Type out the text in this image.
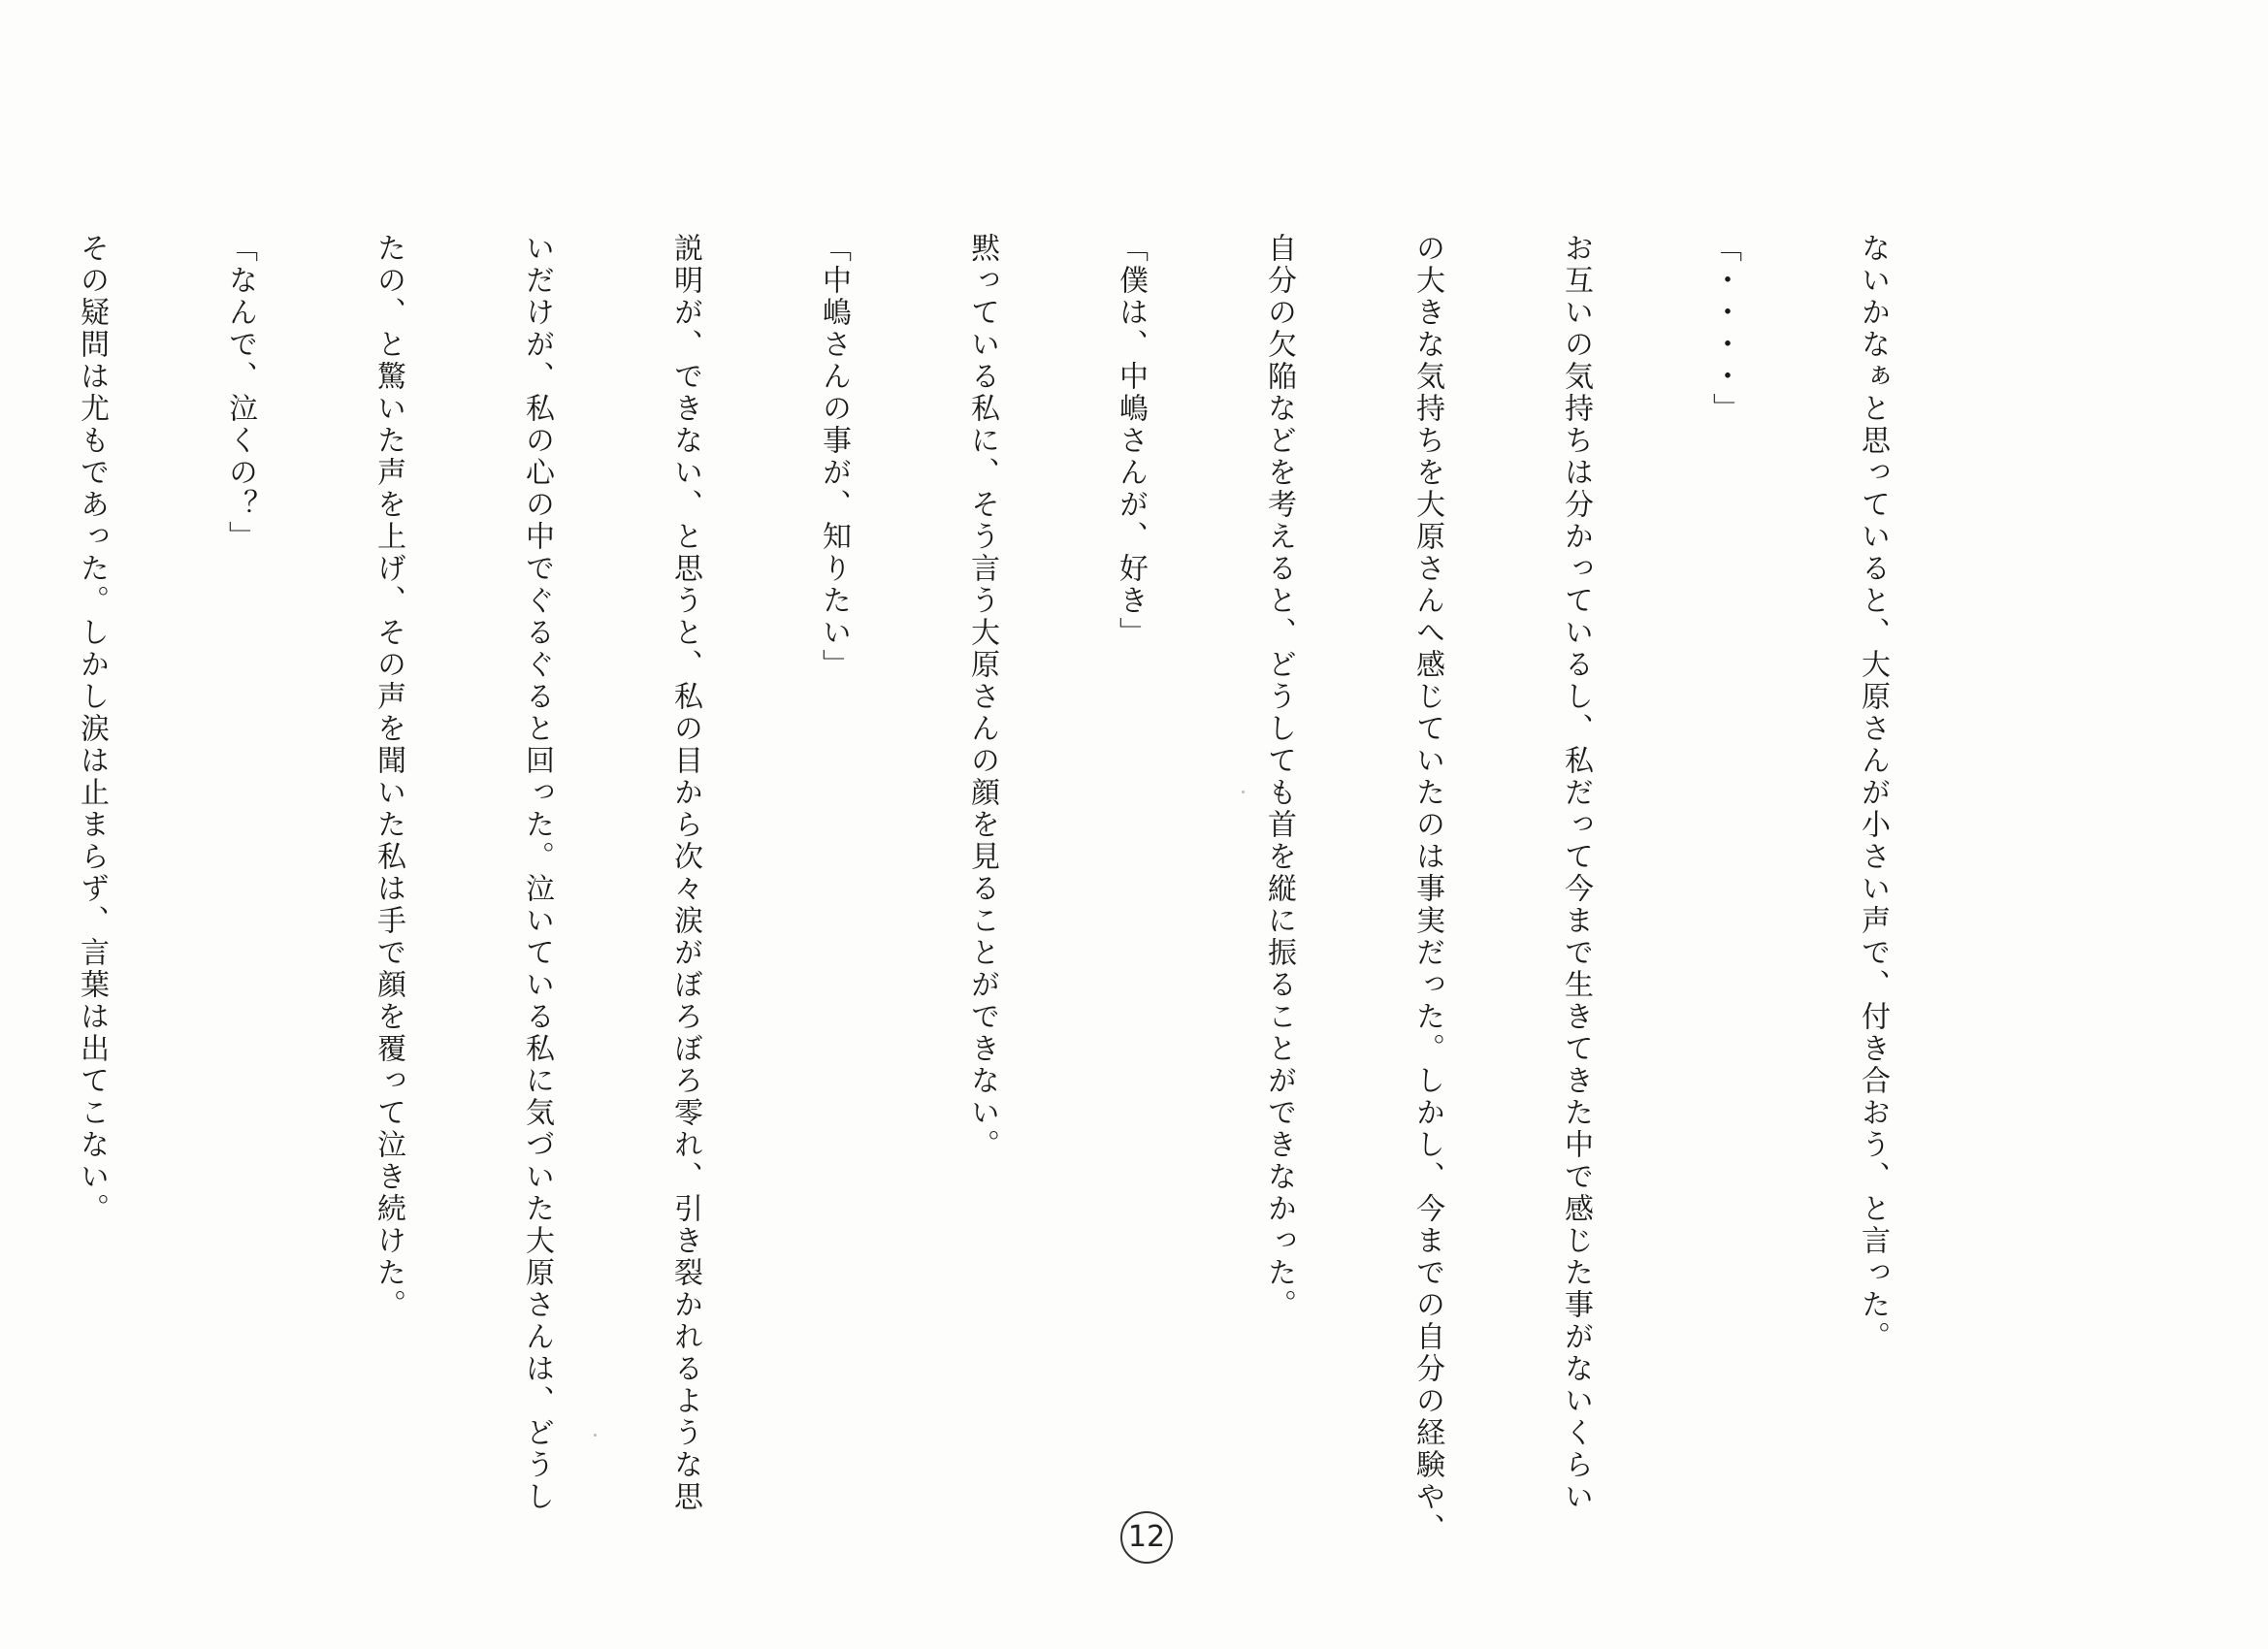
ないかなぁと思っていると、大原さんが小さい声で、付き合おう、と言った。

「・・・・」

お互いの気持ちは分かっているし、私だって今まで生きてきた中で感じた事がないくらい

の大きな気持ちを大原さんへ感じていたのは事実だった。しかし、今までの自分の経験や、

自分の欠陥などを考えると、どうしても首を縦に振ることができなかった。

「僕は、中嶋さんが、好き」

黙っている私に、そう言う大原さんの顔を見ることができない。

「中嶋さんの事が、知りたい」

説明が、できない、と思うと、私の目から次々涙がぼろぼろ零れ、引き裂かれるような思

いだけが、私の心の中でぐるぐると回った。泣いている私に気づいた大原さんは、どうし

たの、と驚いた声を上げ、その声を聞いた私は手で顔を覆って泣き続けた。

「なんで、泣くの？」

その疑問は尤もであった。しかし涙は止まらず、言葉は出てこない。

12
